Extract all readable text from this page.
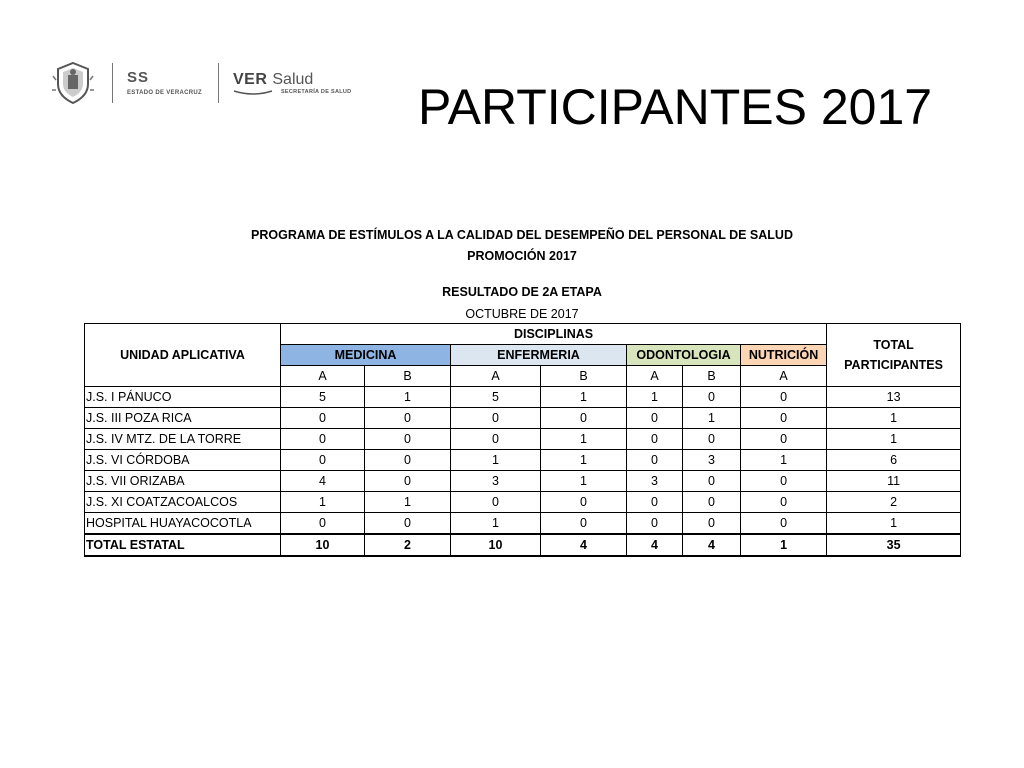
SS
ESTADO DE VERACRUZ
VER Salud
SECRETARÍA DE SALUD PARTICIPANTES 2017
PROGRAMA DE ESTÍMULOS A LA CALIDAD DEL DESEMPEÑO DEL PERSONAL DE SALUD
PROMOCIÓN 2017
RESULTADO DE 2A ETAPA
OCTUBRE DE 2017
UNIDAD APLICATIVA	DISCIPLINAS							TOTAL
PARTICIPANTES
	MEDICINA		ENFERMERIA		ODONTOLOGIA		NUTRICIÓN	
	A	B	A	B	A	B	A	
J.S. I PÁNUCO	5	1	5	1	1	0	0	13
J.S. III POZA RICA	0	0	0	0	0	1	0	1
J.S. IV MTZ. DE LA TORRE	0	0	0	1	0	0	0	1
J.S. VI CÓRDOBA	0	0	1	1	0	3	1	6
J.S. VII ORIZABA	4	0	3	1	3	0	0	11
J.S. XI COATZACOALCOS	1	1	0	0	0	0	0	2
HOSPITAL HUAYACOCOTLA	0	0	1	0	0	0	0	1
TOTAL ESTATAL	10	2	10	4	4	4	1	35
